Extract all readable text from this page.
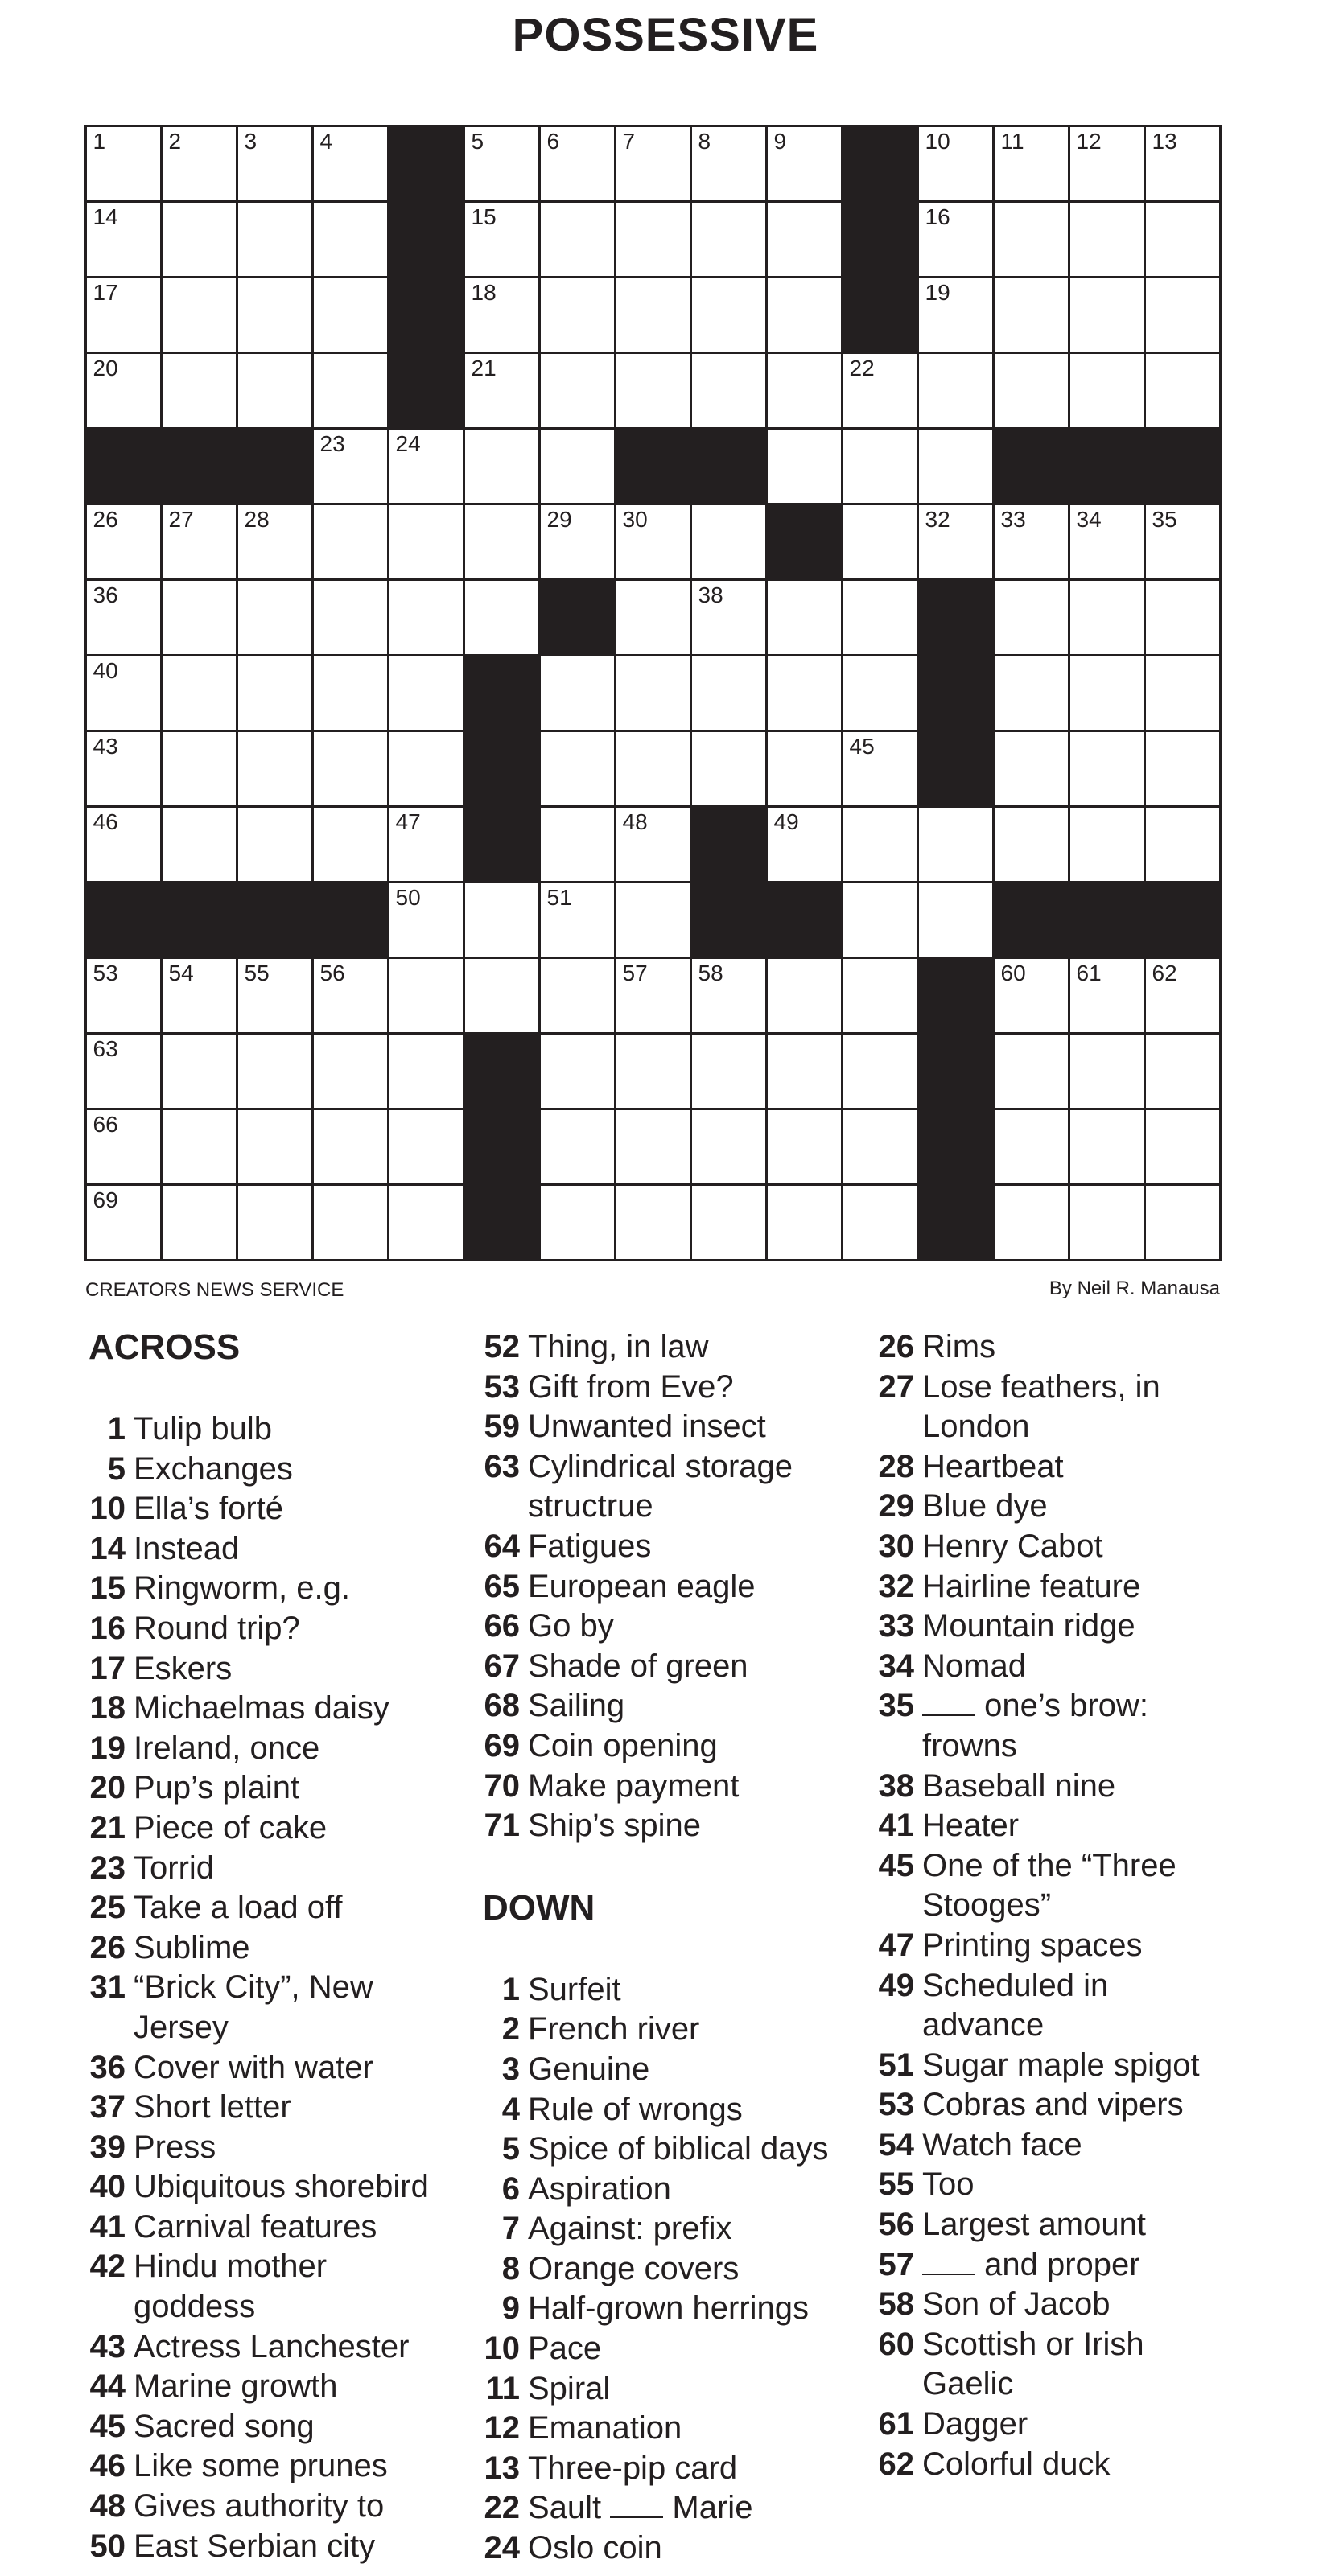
POSSESSIVE
1	2	3	4	5	6	7	8	9	10 11 12 13
14	15	16
17	18	19
20	21	22
23 24
26 27 28	29 30	32 33 34 35
36	38
40
43	45
46	47	48	49
50	51
53 54 55 56	57 58	60 61 62
63
66
69
CREATORS NEWS SERVICE	By Neil R. Manausa
ACROSS
1 Tulip bulb
5 Exchanges
10 Ella’s forté
14 Instead
15 Ringworm, e.g.
16 Round trip?
17 Eskers
18 Michaelmas daisy
19 Ireland, once
20 Pup’s plaint
21 Piece of cake
23 Torrid
25 Take a load off
26 Sublime
31 “Brick City”, New
Jersey
36 Cover with water
37 Short letter
39 Press
40 Ubiquitous shorebird
41 Carnival features
42 Hindu mother
goddess
43 Actress Lanchester
44 Marine growth
45 Sacred song
46 Like some prunes
48 Gives authority to
50 East Serbian city
52 Thing, in law
53 Gift from Eve?
59 Unwanted insect
63 Cylindrical storage
structrue
64 Fatigues
65 European eagle
66 Go by
67 Shade of green
68 Sailing
69 Coin opening
70 Make payment
71 Ship’s spine
DOWN
1 Surfeit
2 French river
3 Genuine
4 Rule of wrongs
5 Spice of biblical days
6 Aspiration
7 Against: prefix
8 Orange covers
9 Half-grown herrings
10 Pace
11 Spiral
12 Emanation
13 Three-pip card
22 Sault Marie
24 Oslo coin
26 Rims
27 Lose feathers, in
London
28 Heartbeat
29 Blue dye
30 Henry Cabot
32 Hairline feature
33 Mountain ridge
34 Nomad
35 one’s brow:
frowns
38 Baseball nine
41 Heater
45 One of the “Three
Stooges”
47 Printing spaces
49 Scheduled in
advance
51 Sugar maple spigot
53 Cobras and vipers
54 Watch face
55 Too
56 Largest amount
57 and proper
58 Son of Jacob
60 Scottish or Irish
Gaelic
61 Dagger
62 Colorful duck
